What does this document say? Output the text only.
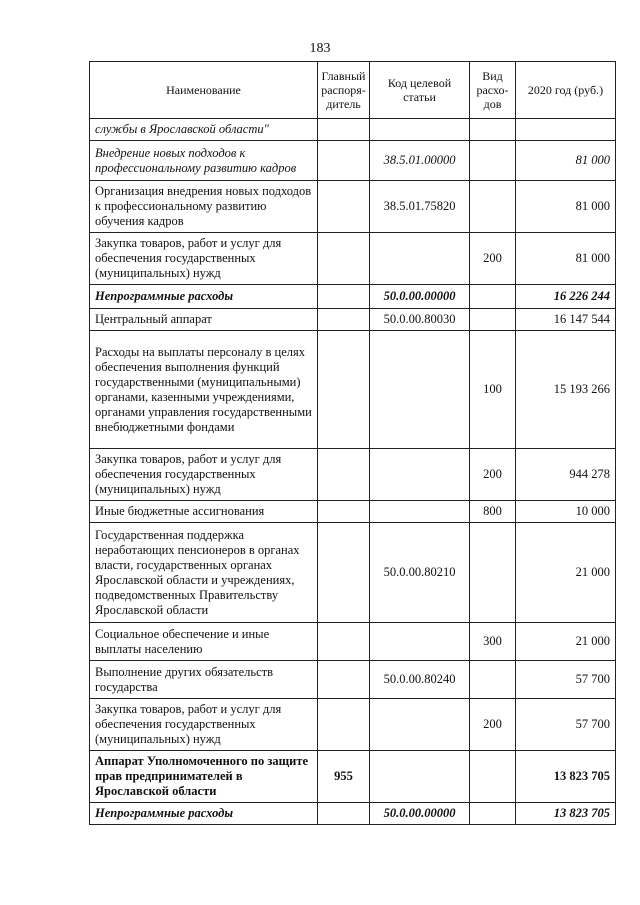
183
Наименование	Главный распоря-дитель	Код целевой статьи	Вид расхо-дов	2020 год (руб.)
службы в Ярославской области"				
Внедрение новых подходов к профессиональному развитию кадров		38.5.01.00000		81 000
Организация внедрения новых подходов к профессиональному развитию обучения кадров		38.5.01.75820		81 000
Закупка товаров, работ и услуг для обеспечения государственных (муниципальных) нужд			200	81 000
Непрограммные расходы		50.0.00.00000		16 226 244
Центральный аппарат		50.0.00.80030		16 147 544
Расходы на выплаты персоналу в целях обеспечения выполнения функций государственными (муниципальными) органами, казенными учреждениями, органами управления государственными внебюджетными фондами			100	15 193 266
Закупка товаров, работ и услуг для обеспечения государственных (муниципальных) нужд			200	944 278
Иные бюджетные ассигнования			800	10 000
Государственная поддержка неработающих пенсионеров в органах власти, государственных органах Ярославской области и учреждениях, подведомственных Правительству Ярославской области		50.0.00.80210		21 000
Социальное обеспечение и иные выплаты населению			300	21 000
Выполнение других обязательств государства		50.0.00.80240		57 700
Закупка товаров, работ и услуг для обеспечения государственных (муниципальных) нужд			200	57 700
Аппарат Уполномоченного по защите прав предпринимателей в Ярославской области	955			13 823 705
Непрограммные расходы		50.0.00.00000		13 823 705
